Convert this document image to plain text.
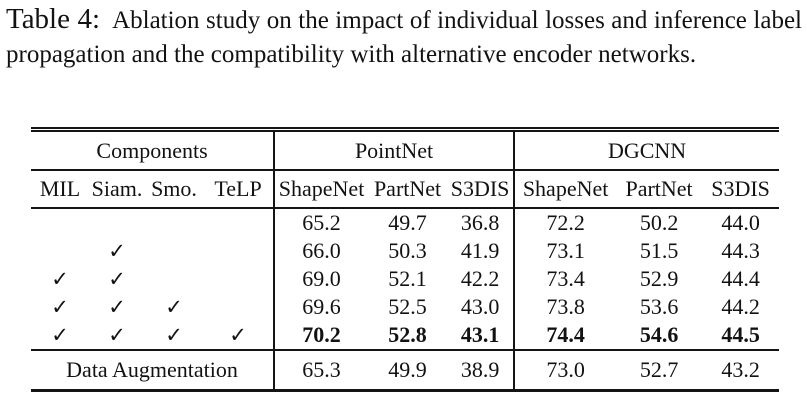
Table 4: Ablation study on the impact of individual losses and inference label propagation and the compatibility with alternative encoder networks.
Components				PointNet			DGCNN		
MIL	Siam.	Smo.	TeLP	ShapeNet	PartNet	S3DIS	ShapeNet	PartNet	S3DIS
				65.2	49.7	36.8	72.2	50.2	44.0
	✓			66.0	50.3	41.9	73.1	51.5	44.3
✓	✓			69.0	52.1	42.2	73.4	52.9	44.4
✓	✓	✓		69.6	52.5	43.0	73.8	53.6	44.2
✓	✓	✓	✓	70.2	52.8	43.1	74.4	54.6	44.5
Data Augmentation				65.3	49.9	38.9	73.0	52.7	43.2
